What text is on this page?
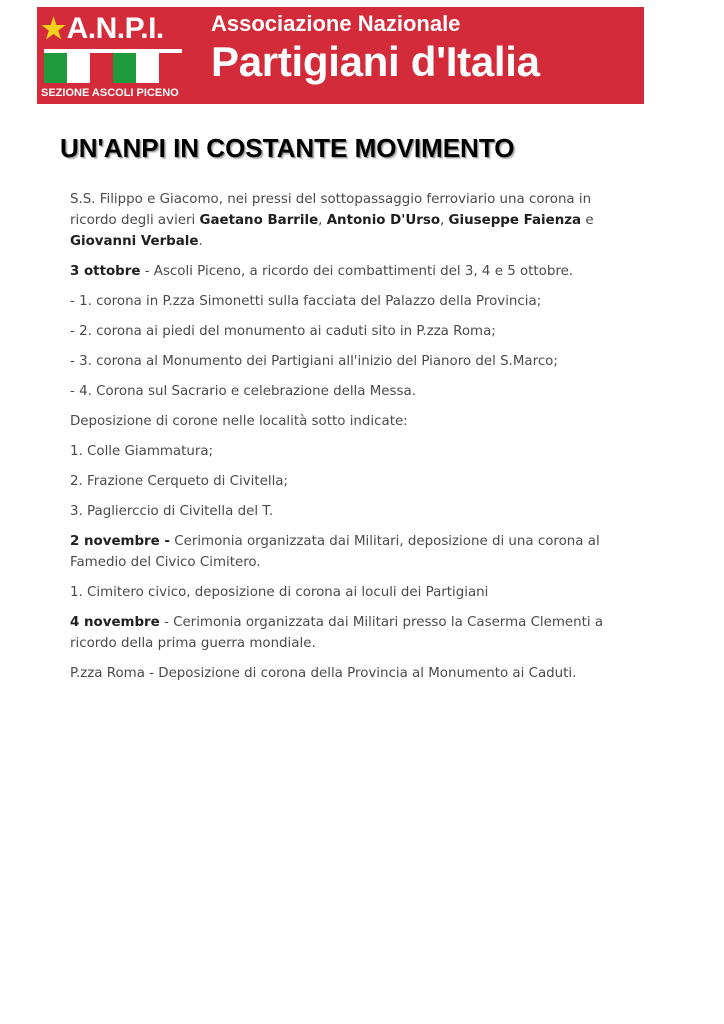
★A.N.P.I.
SEZIONE ASCOLI PICENO
Associazione Nazionale
Partigiani d'Italia
UN'ANPI IN COSTANTE MOVIMENTO

S.S. Filippo e Giacomo, nei pressi del sottopassaggio ferroviario una corona in ricordo degli avieri Gaetano Barrile, Antonio D'Urso, Giuseppe Faienza e Giovanni Verbale.

3 ottobre - Ascoli Piceno, a ricordo dei combattimenti del 3, 4 e 5 ottobre.

- 1. corona in P.zza Simonetti sulla facciata del Palazzo della Provincia;

- 2. corona ai piedi del monumento ai caduti sito in P.zza Roma;

- 3. corona al Monumento dei Partigiani all'inizio del Pianoro del S.Marco;

- 4. Corona sul Sacrario e celebrazione della Messa.

Deposizione di corone nelle località sotto indicate:

1. Colle Giammatura;

2. Frazione Cerqueto di Civitella;

3. Paglierccio di Civitella del T.

2 novembre - Cerimonia organizzata dai Militari, deposizione di una corona al Famedio del Civico Cimitero.

1. Cimitero civico, deposizione di corona ai loculi dei Partigiani

4 novembre - Cerimonia organizzata dai Militari presso la Caserma Clementi a ricordo della prima guerra mondiale.

P.zza Roma - Deposizione di corona della Provincia al Monumento ai Caduti.
